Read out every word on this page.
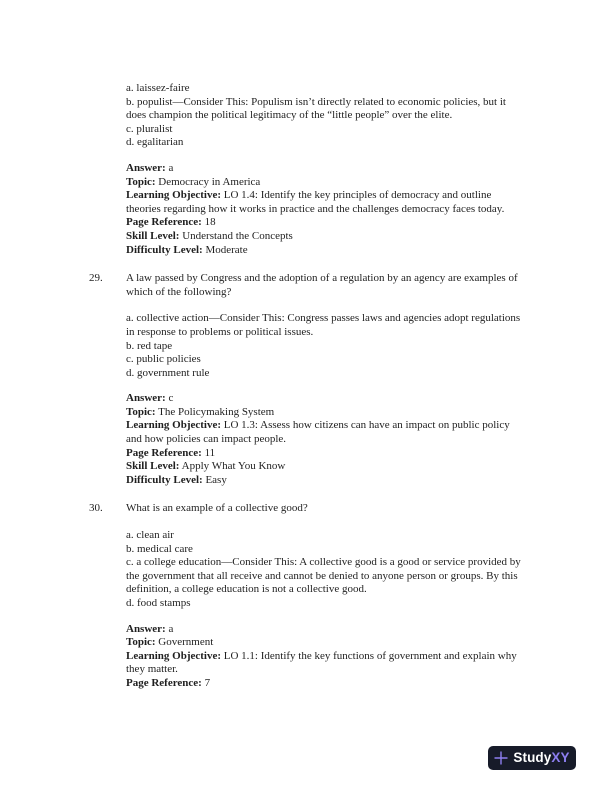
a. laissez-faire

b. populist—Consider This: Populism isn’t directly related to economic policies, but it does champion the political legitimacy of the “little people” over the elite.

c. pluralist

d. egalitarian

Answer: a

Topic: Democracy in America

Learning Objective: LO 1.4: Identify the key principles of democracy and outline theories regarding how it works in practice and the challenges democracy faces today.

Page Reference: 18

Skill Level: Understand the Concepts

Difficulty Level: Moderate

29. A law passed by Congress and the adoption of a regulation by an agency are examples of which of the following?

a. collective action—Consider This: Congress passes laws and agencies adopt regulations in response to problems or political issues.

b. red tape

c. public policies

d. government rule

Answer: c

Topic: The Policymaking System

Learning Objective: LO 1.3: Assess how citizens can have an impact on public policy and how policies can impact people.

Page Reference: 11

Skill Level: Apply What You Know

Difficulty Level: Easy

30. What is an example of a collective good?

a. clean air

b. medical care

c. a college education—Consider This: A collective good is a good or service provided by the government that all receive and cannot be denied to anyone person or groups. By this definition, a college education is not a collective good.

d. food stamps

Answer: a

Topic: Government

Learning Objective: LO 1.1: Identify the key functions of government and explain why they matter.

Page Reference: 7

StudyXY
